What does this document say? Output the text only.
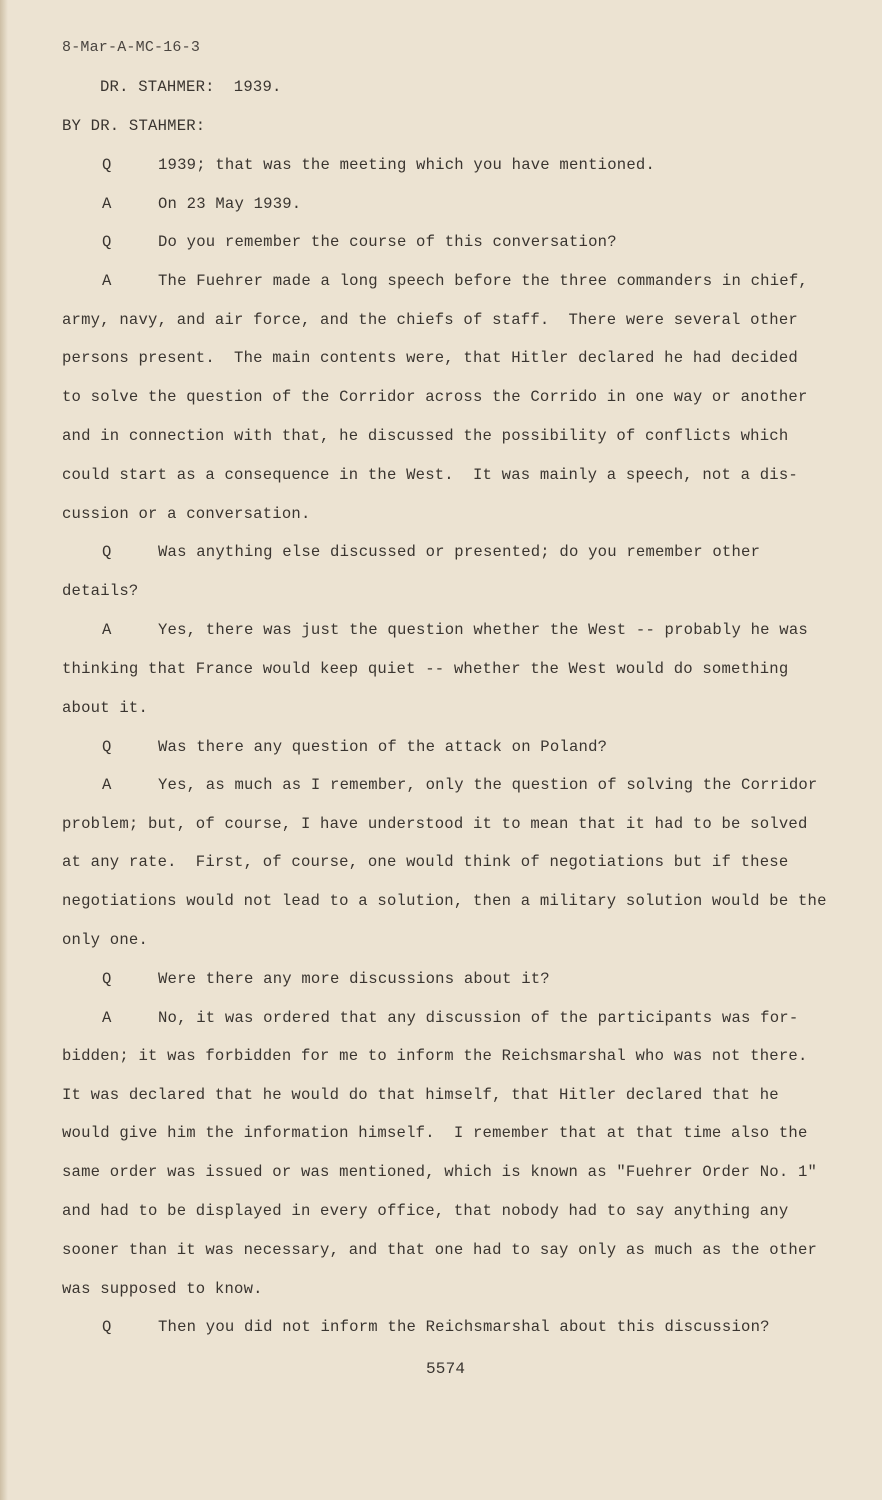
8-Mar-A-MC-16-3
DR. STAHMER:  1939.
BY DR. STAHMER:
Q	1939; that was the meeting which you have mentioned.
A	On 23 May 1939.
Q	Do you remember the course of this conversation?
A	The Fuehrer made a long speech before the three commanders in chief,
army, navy, and air force, and the chiefs of staff.  There were several other
persons present.  The main contents were, that Hitler declared he had decided
to solve the question of the Corridor across the Corrido in one way or another
and in connection with that, he discussed the possibility of conflicts which
could start as a consequence in the West.  It was mainly a speech, not a dis-
cussion or a conversation.
Q	Was anything else discussed or presented; do you remember other
details?
A	Yes, there was just the question whether the West -- probably he was
thinking that France would keep quiet -- whether the West would do something
about it.
Q	Was there any question of the attack on Poland?
A	Yes, as much as I remember, only the question of solving the Corridor
problem; but, of course, I have understood it to mean that it had to be solved
at any rate.  First, of course, one would think of negotiations but if these
negotiations would not lead to a solution, then a military solution would be the
only one.
Q	Were there any more discussions about it?
A	No, it was ordered that any discussion of the participants was for-
bidden; it was forbidden for me to inform the Reichsmarshal who was not there.
It was declared that he would do that himself, that Hitler declared that he
would give him the information himself.  I remember that at that time also the
same order was issued or was mentioned, which is known as "Fuehrer Order No. 1"
and had to be displayed in every office, that nobody had to say anything any
sooner than it was necessary, and that one had to say only as much as the other
was supposed to know.
Q	Then you did not inform the Reichsmarshal about this discussion?
5574
